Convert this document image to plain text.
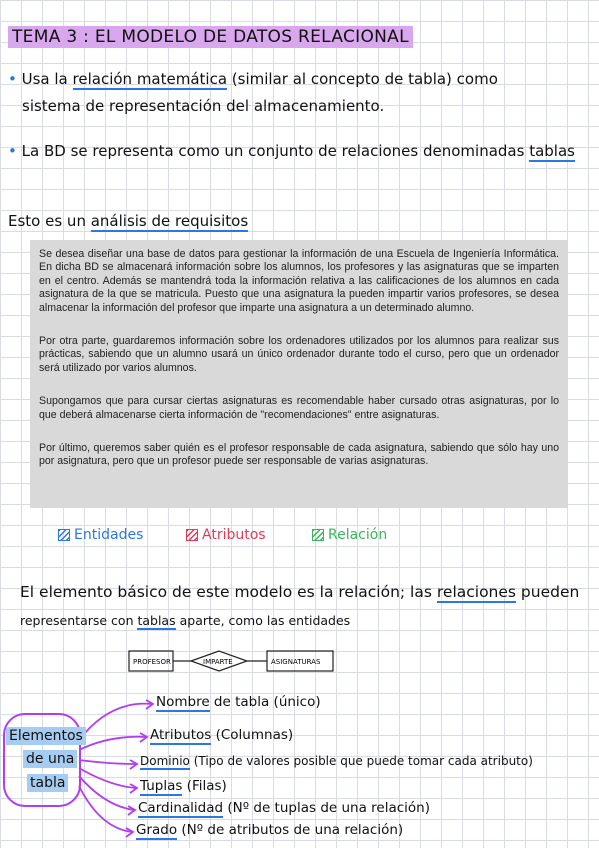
TEMA 3 : EL MODELO DE DATOS RELACIONAL
• Usa la relación matemática (similar al concepto de tabla) como
sistema de representación del almacenamiento.
• La BD se representa como un conjunto de relaciones denominadas tablas
Esto es un análisis de requisitos

Se desea diseñar una base de datos para gestionar la información de una Escuela de Ingeniería Informática. En dicha BD se almacenará información sobre los alumnos, los profesores y las asignaturas que se imparten en el centro. Además se mantendrá toda la información relativa a las calificaciones de los alumnos en cada asignatura de la que se matricula. Puesto que una asignatura la pueden impartir varios profesores, se desea almacenar la información del profesor que imparte una asignatura a un determinado alumno.

Por otra parte, guardaremos información sobre los ordenadores utilizados por los alumnos para realizar sus prácticas, sabiendo que un alumno usará un único ordenador durante todo el curso, pero que un ordenador será utilizado por varios alumnos.

Supongamos que para cursar ciertas asignaturas es recomendable haber cursado otras asignaturas, por lo que deberá almacenarse cierta información de "recomendaciones" entre asignaturas.

Por último, queremos saber quién es el profesor responsable de cada asignatura, sabiendo que sólo hay uno por asignatura, pero que un profesor puede ser responsable de varias asignaturas.

Entidades	Atributos	Relación
El elemento básico de este modelo es la relación; las relaciones pueden
representarse con tablas aparte, como las entidades
PROFESOR	IMPARTE	ASIGNATURAS
Elementos
de una
tabla
Nombre de tabla (único)
Atributos (Columnas)
Dominio (Tipo de valores posible que puede tomar cada atributo)
Tuplas (Filas)
Cardinalidad (Nº de tuplas de una relación)
Grado (Nº de atributos de una relación)
